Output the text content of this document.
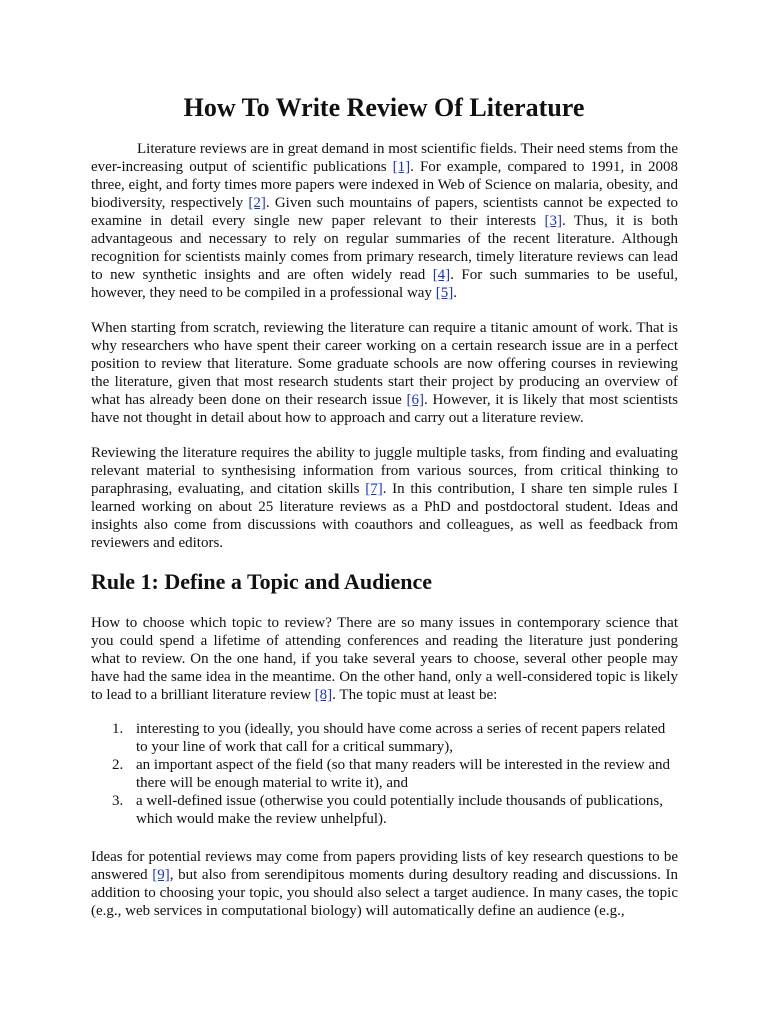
How To Write Review Of Literature

Literature reviews are in great demand in most scientific fields. Their need stems from the ever-increasing output of scientific publications [1]. For example, compared to 1991, in 2008 three, eight, and forty times more papers were indexed in Web of Science on malaria, obesity, and biodiversity, respectively [2]. Given such mountains of papers, scientists cannot be expected to examine in detail every single new paper relevant to their interests [3]. Thus, it is both advantageous and necessary to rely on regular summaries of the recent literature. Although recognition for scientists mainly comes from primary research, timely literature reviews can lead to new synthetic insights and are often widely read [4]. For such summaries to be useful, however, they need to be compiled in a professional way [5].

When starting from scratch, reviewing the literature can require a titanic amount of work. That is why researchers who have spent their career working on a certain research issue are in a perfect position to review that literature. Some graduate schools are now offering courses in reviewing the literature, given that most research students start their project by producing an overview of what has already been done on their research issue [6]. However, it is likely that most scientists have not thought in detail about how to approach and carry out a literature review.

Reviewing the literature requires the ability to juggle multiple tasks, from finding and evaluating relevant material to synthesising information from various sources, from critical thinking to paraphrasing, evaluating, and citation skills [7]. In this contribution, I share ten simple rules I learned working on about 25 literature reviews as a PhD and postdoctoral student. Ideas and insights also come from discussions with coauthors and colleagues, as well as feedback from reviewers and editors.

Rule 1: Define a Topic and Audience

How to choose which topic to review? There are so many issues in contemporary science that you could spend a lifetime of attending conferences and reading the literature just pondering what to review. On the one hand, if you take several years to choose, several other people may have had the same idea in the meantime. On the other hand, only a well-considered topic is likely to lead to a brilliant literature review [8]. The topic must at least be:

1. interesting to you (ideally, you should have come across a series of recent papers related to your line of work that call for a critical summary),
2. an important aspect of the field (so that many readers will be interested in the review and there will be enough material to write it), and
3. a well-defined issue (otherwise you could potentially include thousands of publications, which would make the review unhelpful).

Ideas for potential reviews may come from papers providing lists of key research questions to be answered [9], but also from serendipitous moments during desultory reading and discussions. In addition to choosing your topic, you should also select a target audience. In many cases, the topic (e.g., web services in computational biology) will automatically define an audience (e.g.,
